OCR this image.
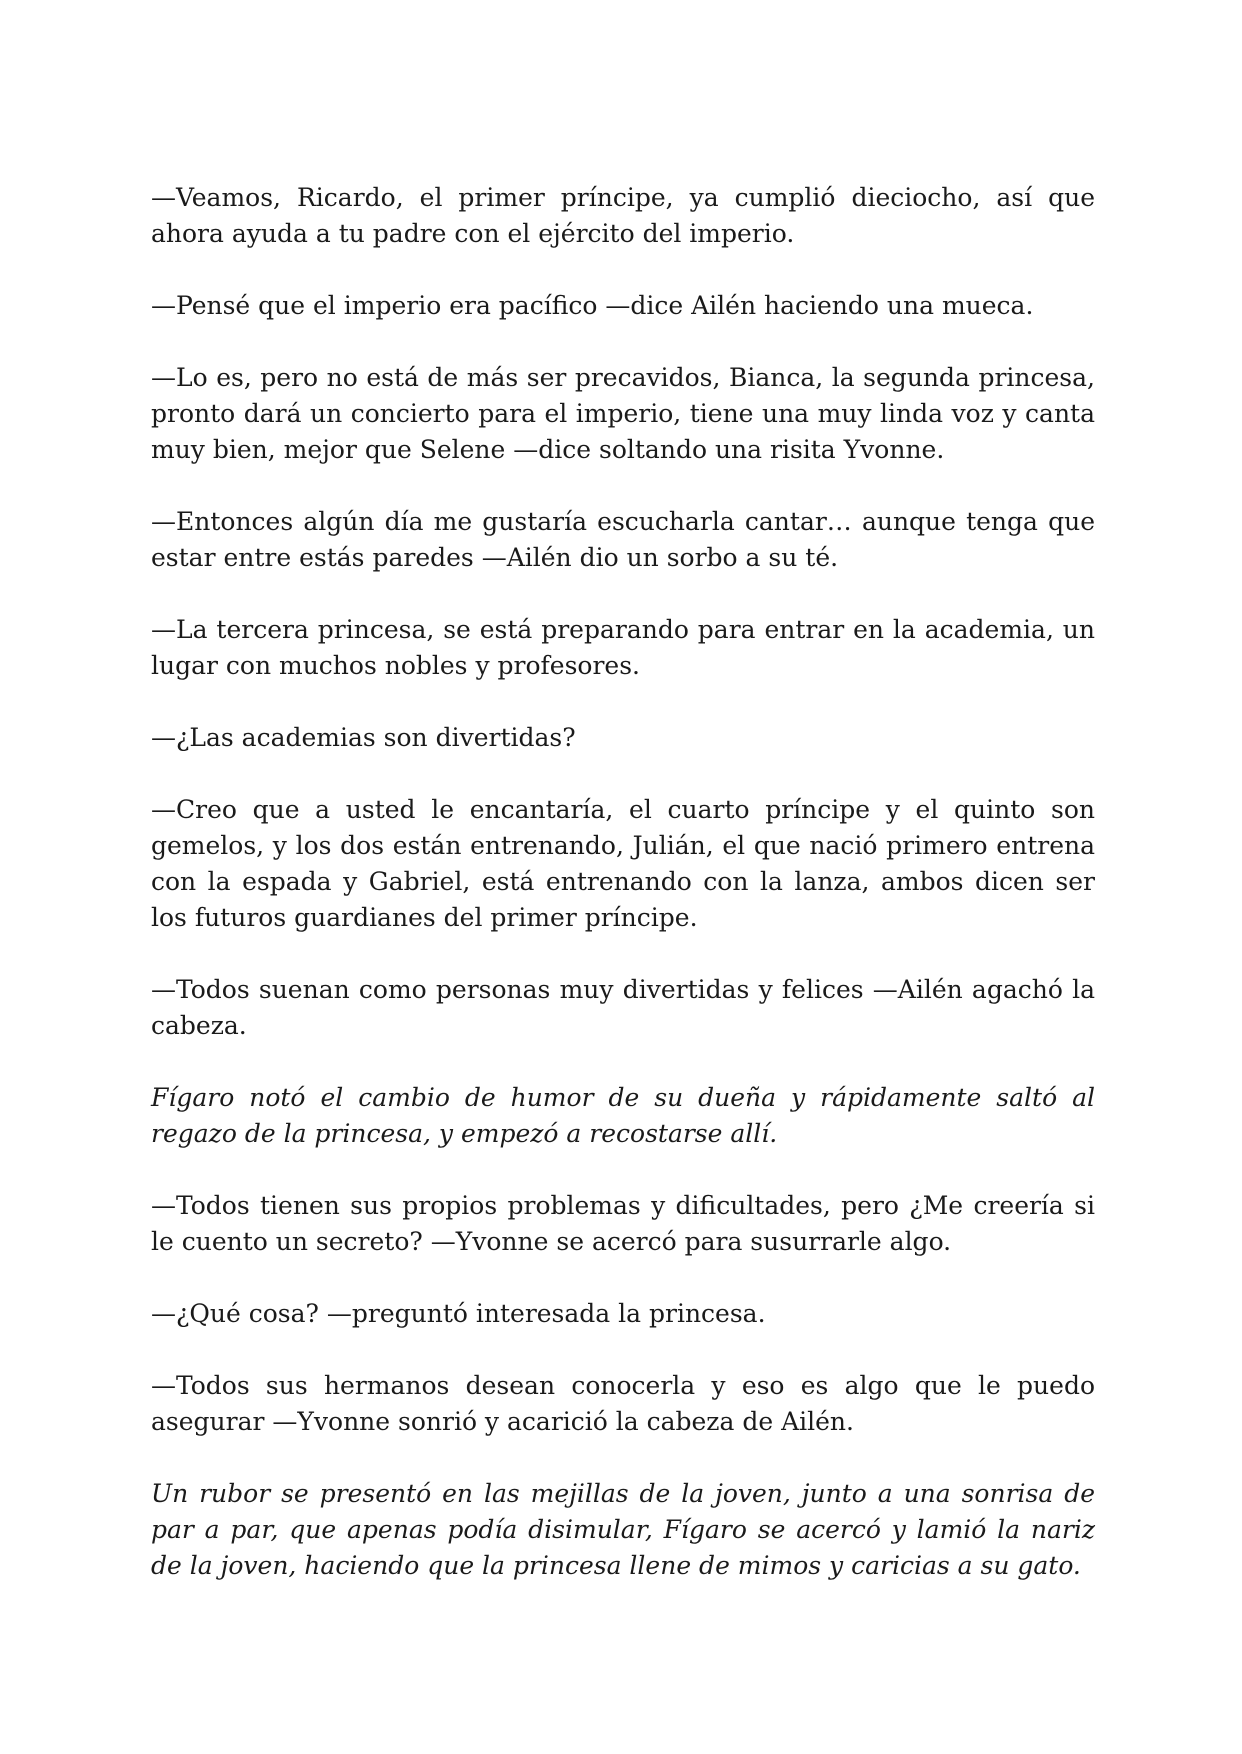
—Veamos, Ricardo, el primer príncipe, ya cumplió dieciocho, así que ahora ayuda a tu padre con el ejército del imperio.

—Pensé que el imperio era pacífico —dice Ailén haciendo una mueca.

—Lo es, pero no está de más ser precavidos, Bianca, la segunda princesa, pronto dará un concierto para el imperio, tiene una muy linda voz y canta muy bien, mejor que Selene —dice soltando una risita Yvonne.

—Entonces algún día me gustaría escucharla cantar… aunque tenga que estar entre estás paredes —Ailén dio un sorbo a su té.

—La tercera princesa, se está preparando para entrar en la academia, un lugar con muchos nobles y profesores.

—¿Las academias son divertidas?

—Creo que a usted le encantaría, el cuarto príncipe y el quinto son gemelos, y los dos están entrenando, Julián, el que nació primero entrena con la espada y Gabriel, está entrenando con la lanza, ambos dicen ser los futuros guardianes del primer príncipe.

—Todos suenan como personas muy divertidas y felices —Ailén agachó la cabeza.

Fígaro notó el cambio de humor de su dueña y rápidamente saltó al regazo de la princesa, y empezó a recostarse allí.

—Todos tienen sus propios problemas y dificultades, pero ¿Me creería si le cuento un secreto? —Yvonne se acercó para susurrarle algo.

—¿Qué cosa? —preguntó interesada la princesa.

—Todos sus hermanos desean conocerla y eso es algo que le puedo asegurar —Yvonne sonrió y acarició la cabeza de Ailén.

Un rubor se presentó en las mejillas de la joven, junto a una sonrisa de par a par, que apenas podía disimular, Fígaro se acercó y lamió la nariz de la joven, haciendo que la princesa llene de mimos y caricias a su gato.
